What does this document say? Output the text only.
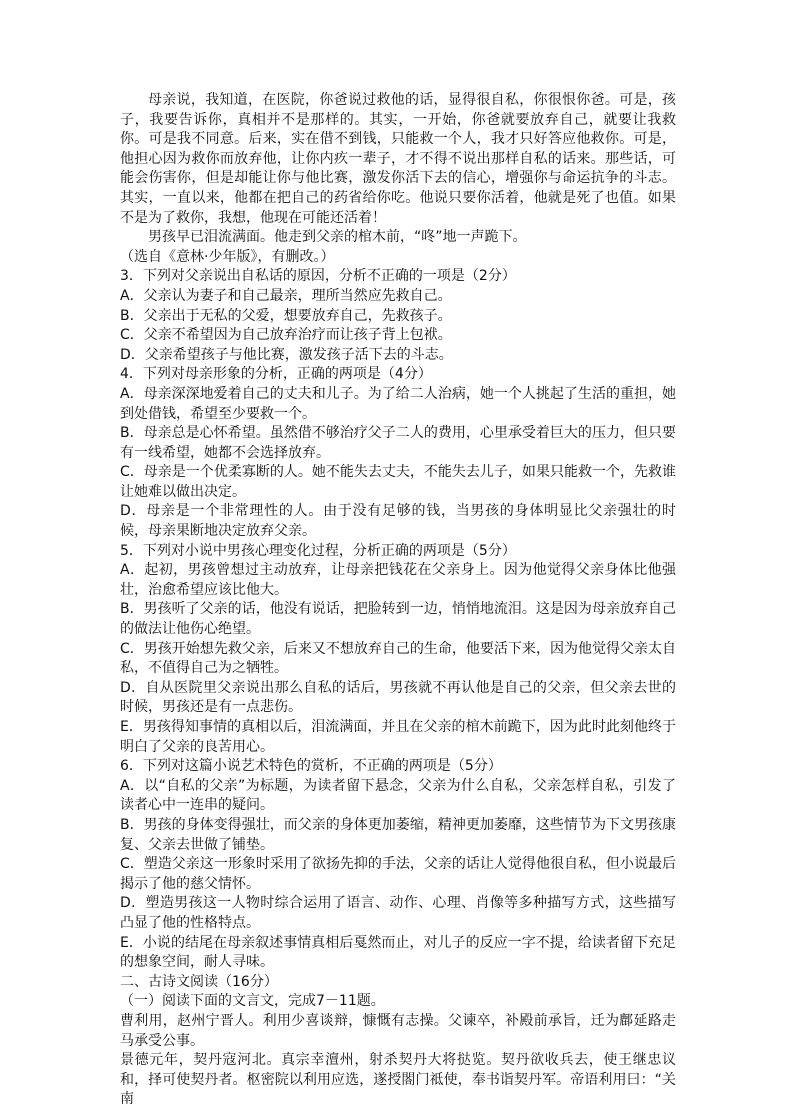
母亲说，我知道，在医院，你爸说过救他的话，显得很自私，你很恨你爸。可是，孩子，我要告诉你，真相并不是那样的。其实，一开始，你爸就要放弃自己，就要让我救你。可是我不同意。后来，实在借不到钱，只能救一个人，我才只好答应他救你。可是，他担心因为救你而放弃他，让你内疚一辈子，才不得不说出那样自私的话来。那些话，可能会伤害你，但是却能让你与他比赛，激发你活下去的信心，增强你与命运抗争的斗志。其实，一直以来，他都在把自己的药省给你吃。他说只要你活着，他就是死了也值。如果不是为了救你，我想，他现在可能还活着！

男孩早已泪流满面。他走到父亲的棺木前，“咚”地一声跪下。

（选自《意林·少年版》，有删改。）

3．下列对父亲说出自私话的原因，分析不正确的一项是（2分）

A．父亲认为妻子和自己最亲，理所当然应先救自己。

B．父亲出于无私的父爱，想要放弃自己，先救孩子。

C．父亲不希望因为自己放弃治疗而让孩子背上包袱。

D．父亲希望孩子与他比赛，激发孩子活下去的斗志。

4．下列对母亲形象的分析，正确的两项是（4分）

A．母亲深深地爱着自己的丈夫和儿子。为了给二人治病，她一个人挑起了生活的重担，她到处借钱，希望至少要救一个。

B．母亲总是心怀希望。虽然借不够治疗父子二人的费用，心里承受着巨大的压力，但只要有一线希望，她都不会选择放弃。

C．母亲是一个优柔寡断的人。她不能失去丈夫，不能失去儿子，如果只能救一个，先救谁让她难以做出决定。

D．母亲是一个非常理性的人。由于没有足够的钱，当男孩的身体明显比父亲强壮的时候，母亲果断地决定放弃父亲。

5．下列对小说中男孩心理变化过程，分析正确的两项是（5分）

A．起初，男孩曾想过主动放弃，让母亲把钱花在父亲身上。因为他觉得父亲身体比他强壮，治愈希望应该比他大。

B．男孩听了父亲的话，他没有说话，把脸转到一边，悄悄地流泪。这是因为母亲放弃自己的做法让他伤心绝望。

C．男孩开始想先救父亲，后来又不想放弃自己的生命，他要活下来，因为他觉得父亲太自私，不值得自己为之牺牲。

D．自从医院里父亲说出那么自私的话后，男孩就不再认他是自己的父亲，但父亲去世的时候，男孩还是有一点悲伤。

E．男孩得知事情的真相以后，泪流满面，并且在父亲的棺木前跪下，因为此时此刻他终于明白了父亲的良苦用心。

6．下列对这篇小说艺术特色的赏析，不正确的两项是（5分）

A．以“自私的父亲”为标题，为读者留下悬念，父亲为什么自私，父亲怎样自私，引发了读者心中一连串的疑问。

B．男孩的身体变得强壮，而父亲的身体更加萎缩，精神更加萎靡，这些情节为下文男孩康复、父亲去世做了铺垫。

C．塑造父亲这一形象时采用了欲扬先抑的手法，父亲的话让人觉得他很自私，但小说最后揭示了他的慈父情怀。

D．塑造男孩这一人物时综合运用了语言、动作、心理、肖像等多种描写方式，这些描写凸显了他的性格特点。

E．小说的结尾在母亲叙述事情真相后戛然而止，对儿子的反应一字不提，给读者留下充足的想象空间，耐人寻味。

二、古诗文阅读（16分）

（一）阅读下面的文言文，完成7－11题。

曹利用，赵州宁晋人。利用少喜谈辩，慷慨有志操。父谏卒，补殿前承旨，迁为鄜延路走马承受公事。

景德元年，契丹寇河北。真宗幸澶州，射杀契丹大将挞览。契丹欲收兵去，使王继忠议和，择可使契丹者。枢密院以利用应选，遂授閤门祗使，奉书诣契丹军。帝语利用曰：“关南
